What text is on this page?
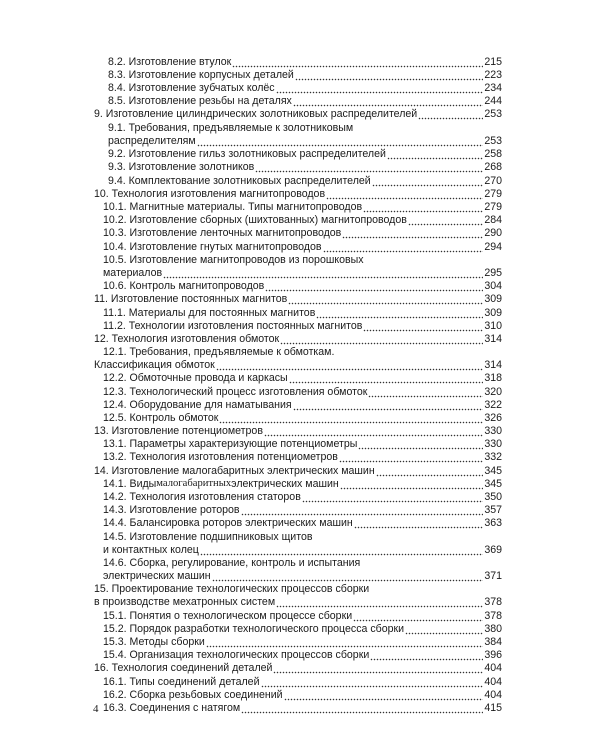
8.2. Изготовление втулок	215
8.3. Изготовление корпусных деталей	223
8.4. Изготовление зубчатых колёс	234
8.5. Изготовление резьбы на деталях	244
9. Изготовление цилиндрических золотниковых распределителей	253
9.1. Требования, предъявляемые к золотниковым
распределителям	253
9.2. Изготовление гильз золотниковых распределителей	258
9.3. Изготовление золотников	268
9.4. Комплектование золотниковых распределителей	270
10. Технология изготовления магнитопроводов	279
10.1. Магнитные материалы. Типы магнитопроводов	279
10.2. Изготовление сборных (шихтованных) магнитопроводов	284
10.3. Изготовление ленточных магнитопроводов	290
10.4. Изготовление гнутых магнитопроводов	294
10.5. Изготовление магнитопроводов из порошковых
материалов	295
10.6. Контроль магнитопроводов	304
11. Изготовление постоянных магнитов	309
11.1. Материалы для постоянных магнитов	309
11.2. Технологии изготовления постоянных магнитов	310
12. Технология изготовления обмоток	314
12.1. Требования, предъявляемые к обмоткам.
Классификация обмоток	314
12.2. Обмоточные провода и каркасы	318
12.3. Технологический процесс изготовления обмоток	320
12.4. Оборудование для наматывания	322
12.5. Контроль обмоток	326
13. Изготовление потенциометров	330
13.1. Параметры характеризующие потенциометры	330
13.2. Технология изготовления потенциометров	332
14. Изготовление малогабаритных электрических машин	345
14.1. Виды малогабаритных электрических машин	345
14.2. Технология изготовления статоров	350
14.3. Изготовление роторов	357
14.4. Балансировка роторов электрических машин	363
14.5. Изготовление подшипниковых щитов
и контактных колец	369
14.6. Сборка, регулирование, контроль и испытания
электрических машин	371
15. Проектирование технологических процессов сборки
в производстве мехатронных систем	378
15.1. Понятия о технологическом процессе сборки	378
15.2. Порядок разработки технологического процесса сборки	380
15.3. Методы сборки	384
15.4. Организация технологических процессов сборки	396
16. Технология соединений деталей	404
16.1. Типы соединений деталей	404
16.2. Сборка резьбовых соединений	404
16.3. Соединения с натягом	415
4
